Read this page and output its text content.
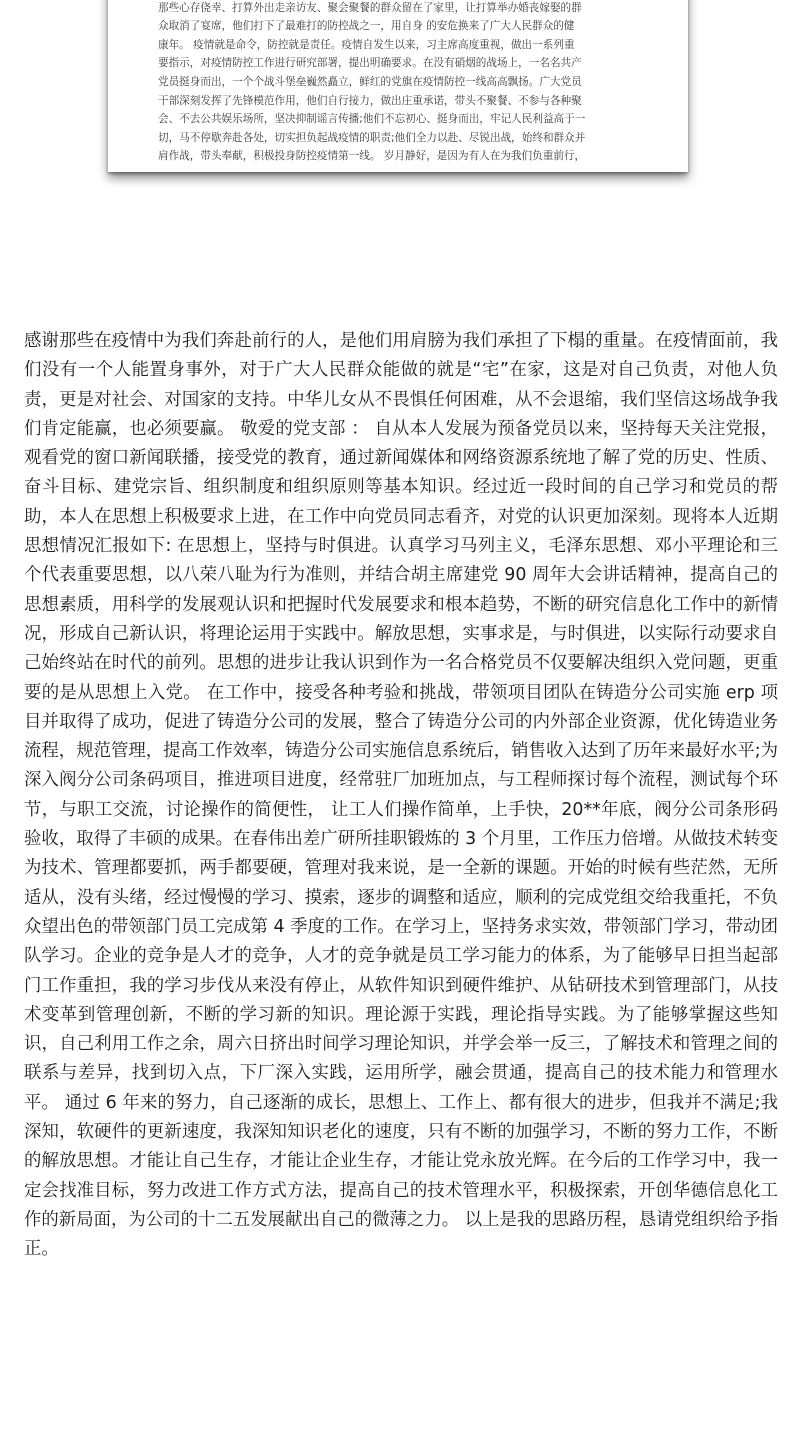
那些心存侥幸、打算外出走亲访友、聚会聚餐的群众留在了家里，让打算举办婚丧嫁娶的群
众取消了宴席，他们打下了最难打的防控战之一，用自身 的安危换来了广大人民群众的健
康年。 疫情就是命令，防控就是责任。疫情自发生以来，习主席高度重视，做出一系列重
要指示，对疫情防控工作进行研究部署，提出明确要求。在没有硝烟的战场上，一名名共产
党员挺身而出，一个个战斗堡垒巍然矗立，鲜红的党旗在疫情防控一线高高飘扬。广大党员
干部深刻发挥了先锋模范作用，他们自行接力，做出庄重承诺，带头不聚餐、不参与各种聚
会、不去公共娱乐场所，坚决抑制谣言传播;他们不忘初心、挺身而出，牢记人民利益高于一
切，马不停歇奔赴各处，切实担负起战疫情的职责;他们全力以赴、尽锐出战，始终和群众并
肩作战，带头奉献，积极投身防控疫情第一线。 岁月静好，是因为有人在为我们负重前行，

感谢那些在疫情中为我们奔赴前行的人，是他们用肩膀为我们承担了下榻的重量。在疫情面前，我们没有一个人能置身事外，对于广大人民群众能做的就是“宅”在家，这是对自己负责，对他人负责，更是对社会、对国家的支持。中华儿女从不畏惧任何困难，从不会退缩，我们坚信这场战争我们肯定能赢，也必须要赢。 敬爱的党支部 ： 自从本人发展为预备党员以来，坚持每天关注党报，观看党的窗口新闻联播，接受党的教育，通过新闻媒体和网络资源系统地了解了党的历史、性质、奋斗目标、建党宗旨、组织制度和组织原则等基本知识。经过近一段时间的自己学习和党员的帮助，本人在思想上积极要求上进，在工作中向党员同志看齐，对党的认识更加深刻。现将本人近期思想情况汇报如下: 在思想上，坚持与时俱进。认真学习马列主义，毛泽东思想、邓小平理论和三个代表重要思想，以八荣八耻为行为准则，并结合胡主席建党 90 周年大会讲话精神，提高自己的思想素质，用科学的发展观认识和把握时代发展要求和根本趋势，不断的研究信息化工作中的新情况，形成自己新认识，将理论运用于实践中。解放思想，实事求是，与时俱进，以实际行动要求自己始终站在时代的前列。思想的进步让我认识到作为一名合格党员不仅要解决组织入党问题，更重要的是从思想上入党。 在工作中，接受各种考验和挑战，带领项目团队在铸造分公司实施 erp 项目并取得了成功，促进了铸造分公司的发展，整合了铸造分公司的内外部企业资源，优化铸造业务流程，规范管理，提高工作效率，铸造分公司实施信息系统后，销售收入达到了历年来最好水平;为深入阀分公司条码项目，推进项目进度，经常驻厂加班加点，与工程师探讨每个流程，测试每个环节，与职工交流，讨论操作的简便性， 让工人们操作简单，上手快，20**年底，阀分公司条形码验收，取得了丰硕的成果。在春伟出差广研所挂职锻炼的 3 个月里，工作压力倍增。从做技术转变为技术、管理都要抓，两手都要硬，管理对我来说，是一全新的课题。开始的时候有些茫然，无所适从，没有头绪，经过慢慢的学习、摸索，逐步的调整和适应，顺利的完成党组交给我重托，不负众望出色的带领部门员工完成第 4 季度的工作。在学习上，坚持务求实效，带领部门学习，带动团队学习。企业的竞争是人才的竞争，人才的竞争就是员工学习能力的体系，为了能够早日担当起部门工作重担，我的学习步伐从来没有停止，从软件知识到硬件维护、从钻研技术到管理部门，从技术变革到管理创新，不断的学习新的知识。理论源于实践，理论指导实践。为了能够掌握这些知识，自己利用工作之余，周六日挤出时间学习理论知识，并学会举一反三，了解技术和管理之间的联系与差异，找到切入点，下厂深入实践，运用所学，融会贯通，提高自己的技术能力和管理水平。 通过 6 年来的努力，自己逐渐的成长，思想上、工作上、都有很大的进步，但我并不满足;我深知，软硬件的更新速度，我深知知识老化的速度，只有不断的加强学习，不断的努力工作，不断的解放思想。才能让自己生存，才能让企业生存，才能让党永放光辉。在今后的工作学习中，我一定会找准目标，努力改进工作方式方法，提高自己的技术管理水平，积极探索，开创华德信息化工作的新局面，为公司的十二五发展献出自己的微薄之力。 以上是我的思路历程，恳请党组织给予指正。
